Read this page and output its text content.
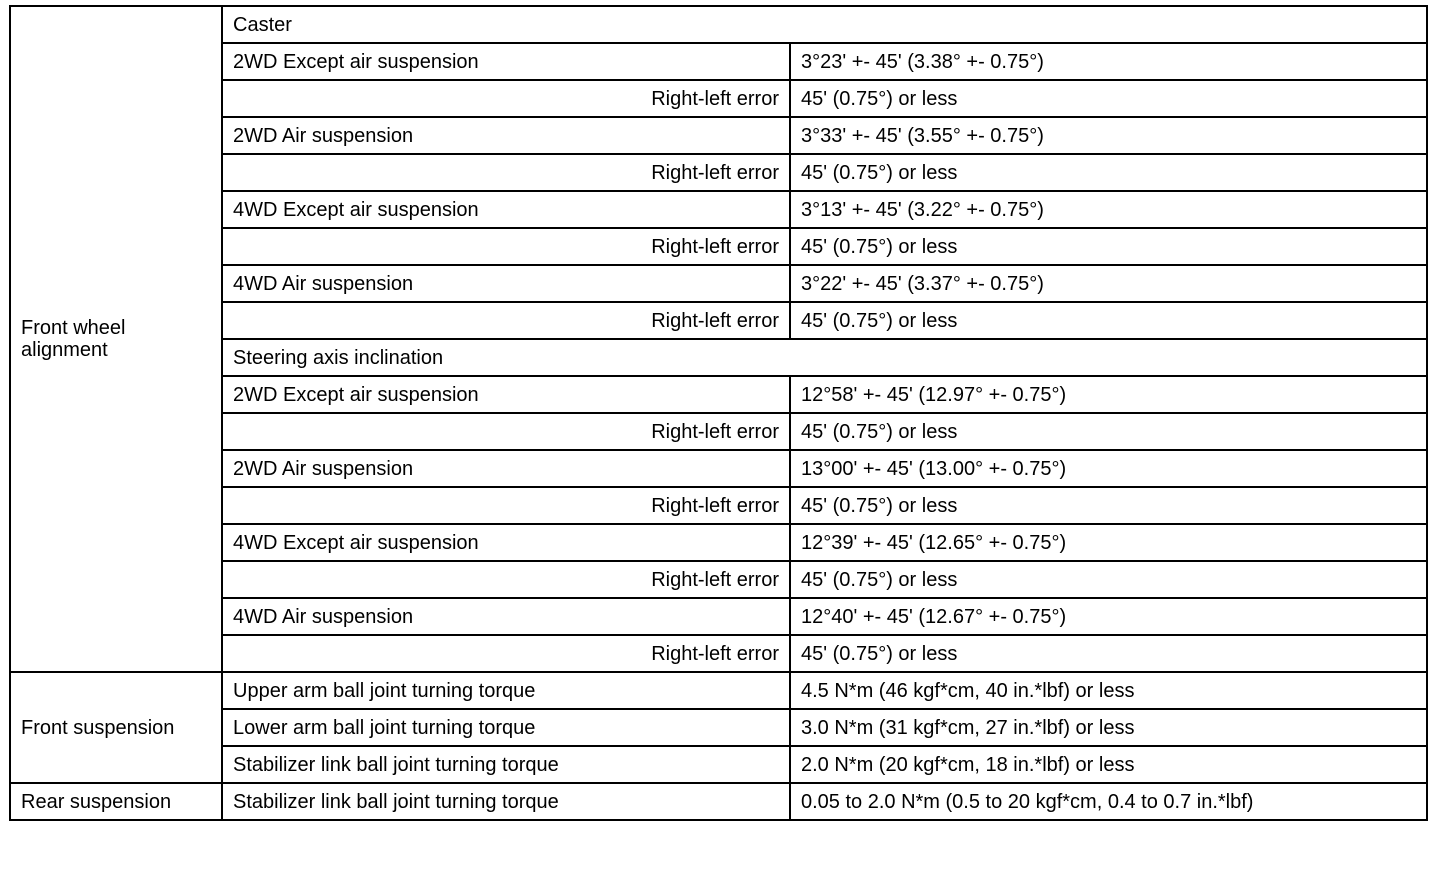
Front wheel
alignment	Caster	
	2WD Except air suspension	3°23' +- 45' (3.38° +- 0.75°)
	Right-left error	45' (0.75°) or less
	2WD Air suspension	3°33' +- 45' (3.55° +- 0.75°)
	Right-left error	45' (0.75°) or less
	4WD Except air suspension	3°13' +- 45' (3.22° +- 0.75°)
	Right-left error	45' (0.75°) or less
	4WD Air suspension	3°22' +- 45' (3.37° +- 0.75°)
	Right-left error	45' (0.75°) or less
	Steering axis inclination	
	2WD Except air suspension	12°58' +- 45' (12.97° +- 0.75°)
	Right-left error	45' (0.75°) or less
	2WD Air suspension	13°00' +- 45' (13.00° +- 0.75°)
	Right-left error	45' (0.75°) or less
	4WD Except air suspension	12°39' +- 45' (12.65° +- 0.75°)
	Right-left error	45' (0.75°) or less
	4WD Air suspension	12°40' +- 45' (12.67° +- 0.75°)
	Right-left error	45' (0.75°) or less
Front suspension	Upper arm ball joint turning torque	4.5 N*m (46 kgf*cm, 40 in.*lbf) or less
	Lower arm ball joint turning torque	3.0 N*m (31 kgf*cm, 27 in.*lbf) or less
	Stabilizer link ball joint turning torque	2.0 N*m (20 kgf*cm, 18 in.*lbf) or less
Rear suspension	Stabilizer link ball joint turning torque	0.05 to 2.0 N*m (0.5 to 20 kgf*cm, 0.4 to 0.7 in.*lbf)
